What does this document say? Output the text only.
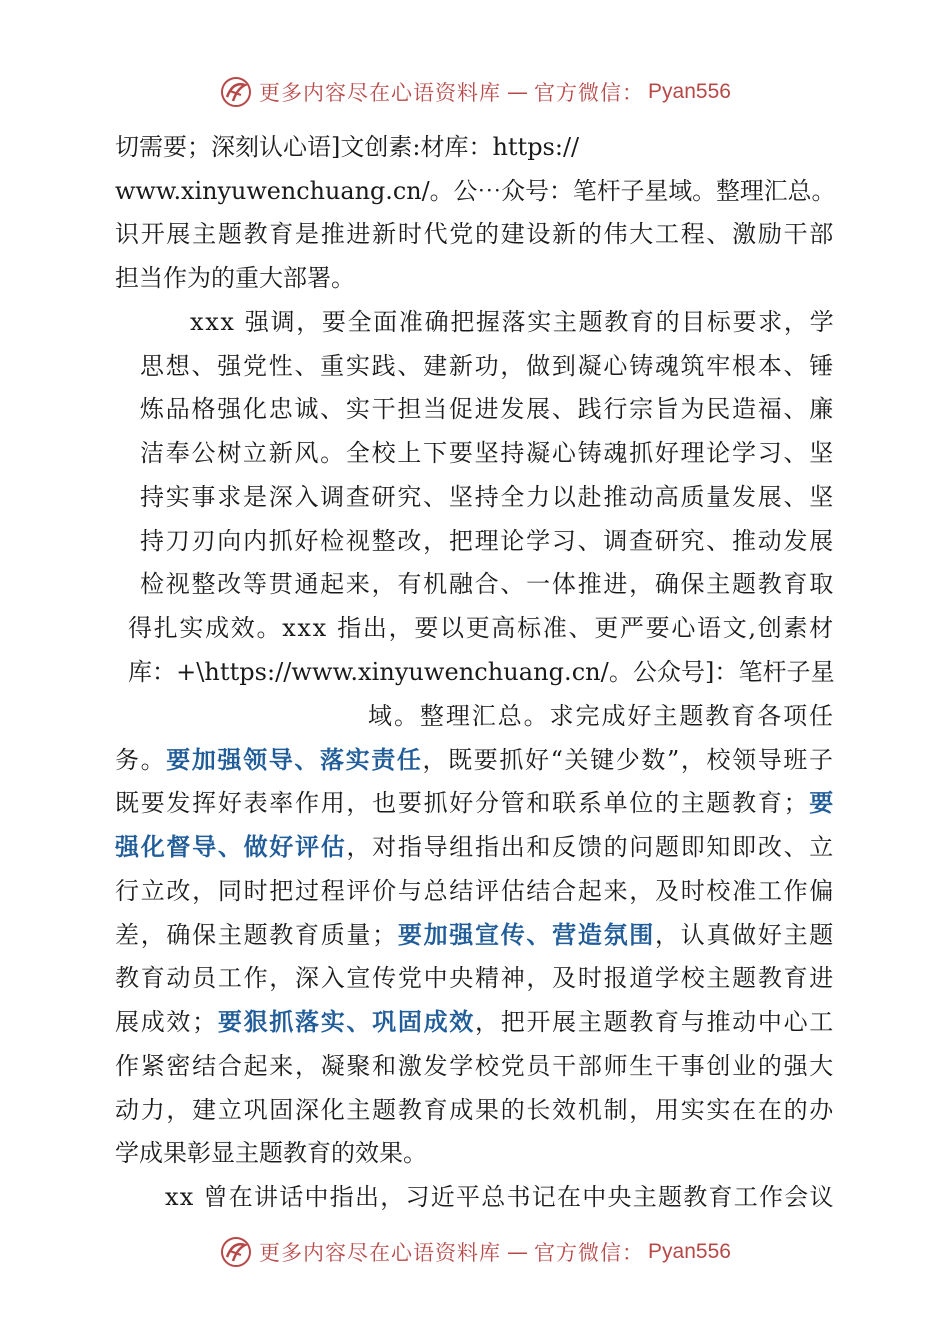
更多内容尽在心语资料库 — 官方微信： Pyan556
切需要；深刻认心语]文创素:材库：https://
www.xinyuwenchuang.cn/。公⋯众号：笔杆子星域。整理汇总。
识开展主题教育是推进新时代党的建设新的伟大工程、激励干部
担当作为的重大部署。
xxx 强调，要全面准确把握落实主题教育的目标要求，学
思想、强党性、重实践、建新功，做到凝心铸魂筑牢根本、锤
炼品格强化忠诚、实干担当促进发展、践行宗旨为民造福、廉
洁奉公树立新风。全校上下要坚持凝心铸魂抓好理论学习、坚
持实事求是深入调查研究、坚持全力以赴推动高质量发展、坚
持刀刃向内抓好检视整改，把理论学习、调查研究、推动发展
检视整改等贯通起来，有机融合、一体推进，确保主题教育取
得扎实成效。xxx 指出，要以更高标准、更严要心语文,创素材
库：+\https://www.xinyuwenchuang.cn/。公众号]：笔杆子星
域。整理汇总。求完成好主题教育各项任
务。要加强领导、落实责任，既要抓好“关键少数”，校领导班子
既要发挥好表率作用，也要抓好分管和联系单位的主题教育；要
强化督导、做好评估，对指导组指出和反馈的问题即知即改、立
行立改，同时把过程评价与总结评估结合起来，及时校准工作偏
差，确保主题教育质量；要加强宣传、营造氛围，认真做好主题
教育动员工作，深入宣传党中央精神，及时报道学校主题教育进
展成效；要狠抓落实、巩固成效，把开展主题教育与推动中心工
作紧密结合起来，凝聚和激发学校党员干部师生干事创业的强大
动力，建立巩固深化主题教育成果的长效机制，用实实在在的办
学成果彰显主题教育的效果。
xx 曾在讲话中指出，习近平总书记在中央主题教育工作会议
更多内容尽在心语资料库 — 官方微信： Pyan556
